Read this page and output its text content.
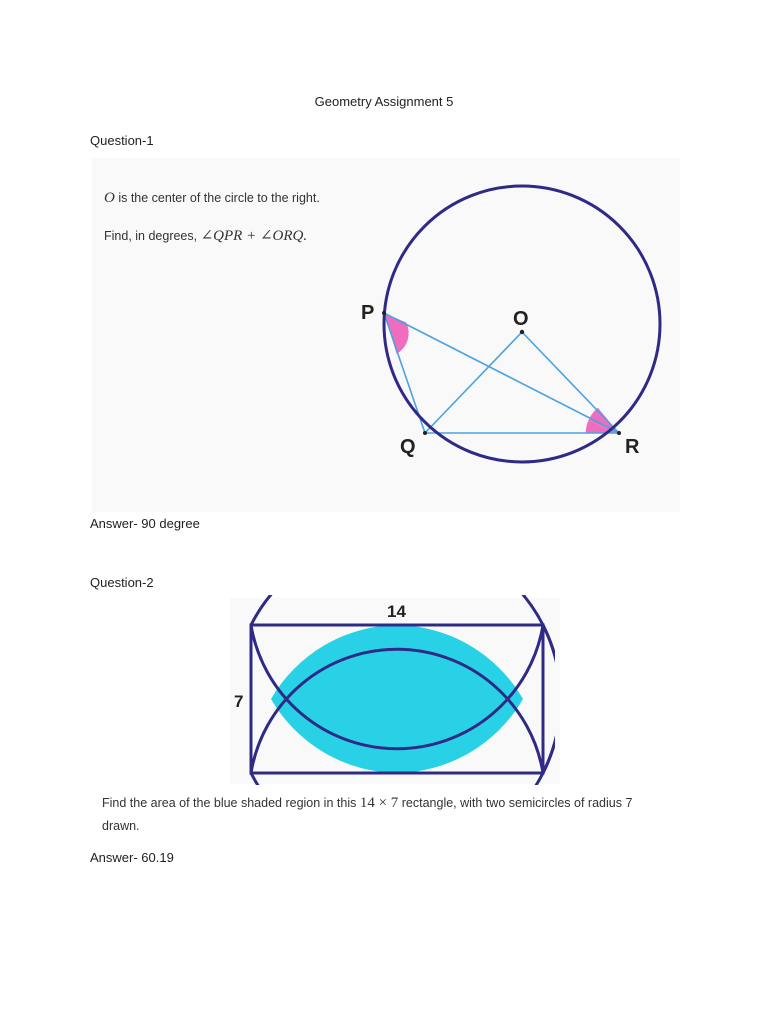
Geometry Assignment 5
Question-1
O is the center of the circle to the right.
Find, in degrees, ∠QPR + ∠ORQ.
P	O
Q	R
Answer- 90 degree
Question-2
14
7
Find the area of the blue shaded region in this 14 × 7 rectangle, with two semicircles of radius 7
drawn.
Answer- 60.19
